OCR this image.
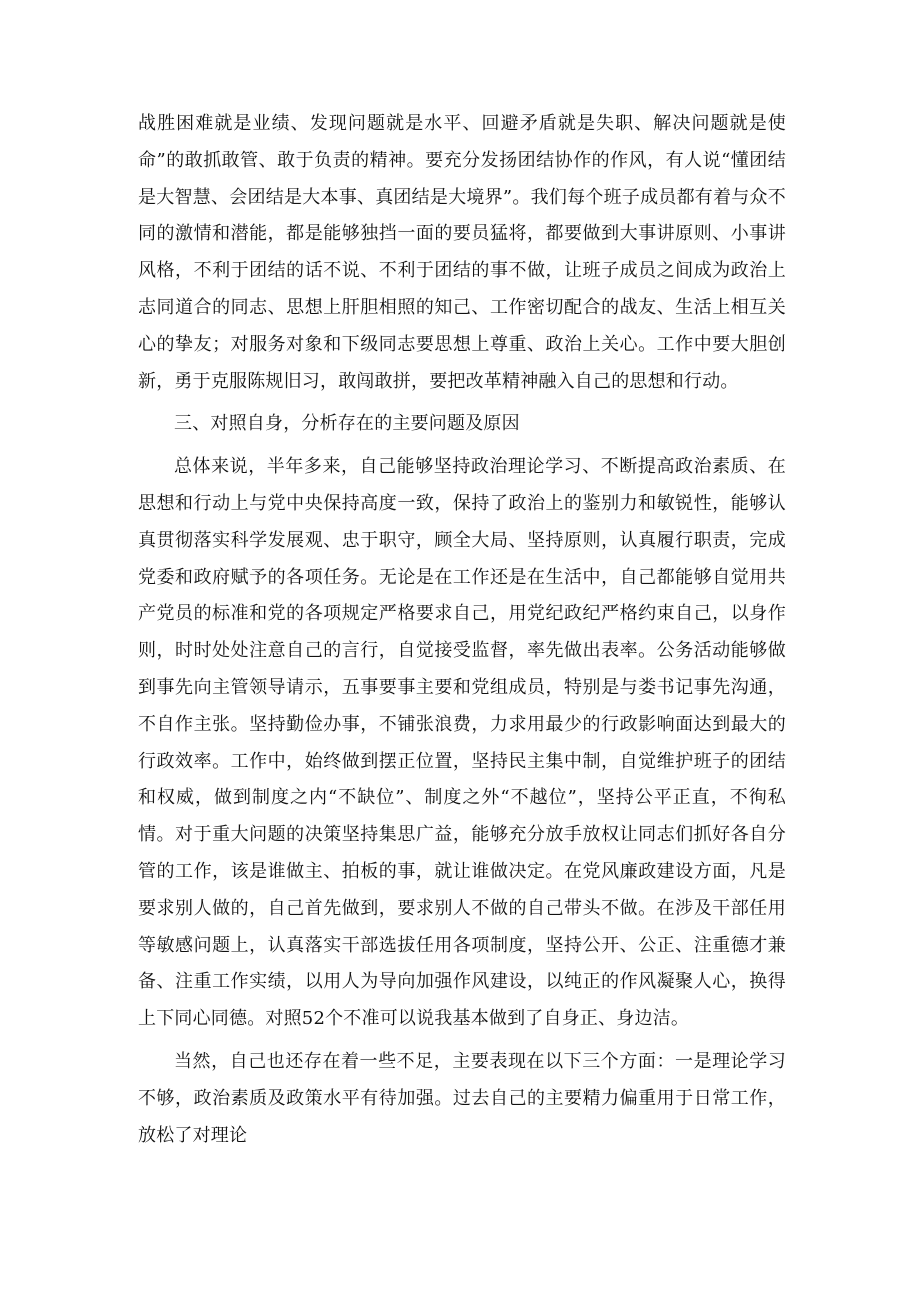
战胜困难就是业绩、发现问题就是水平、回避矛盾就是失职、解决问题就是使命”的敢抓敢管、敢于负责的精神。要充分发扬团结协作的作风，有人说“懂团结是大智慧、会团结是大本事、真团结是大境界”。我们每个班子成员都有着与众不同的激情和潜能，都是能够独挡一面的要员猛将，都要做到大事讲原则、小事讲风格，不利于团结的话不说、不利于团结的事不做，让班子成员之间成为政治上志同道合的同志、思想上肝胆相照的知己、工作密切配合的战友、生活上相互关心的挚友；对服务对象和下级同志要思想上尊重、政治上关心。工作中要大胆创新，勇于克服陈规旧习，敢闯敢拼，要把改革精神融入自己的思想和行动。

三、对照自身，分析存在的主要问题及原因

总体来说，半年多来，自己能够坚持政治理论学习、不断提高政治素质、在思想和行动上与党中央保持高度一致，保持了政治上的鉴别力和敏锐性，能够认真贯彻落实科学发展观、忠于职守，顾全大局、坚持原则，认真履行职责，完成党委和政府赋予的各项任务。无论是在工作还是在生活中，自己都能够自觉用共产党员的标准和党的各项规定严格要求自己，用党纪政纪严格约束自己，以身作则，时时处处注意自己的言行，自觉接受监督，率先做出表率。公务活动能够做到事先向主管领导请示，五事要事主要和党组成员，特别是与娄书记事先沟通，不自作主张。坚持勤俭办事，不铺张浪费，力求用最少的行政影响面达到最大的行政效率。工作中，始终做到摆正位置，坚持民主集中制，自觉维护班子的团结和权威，做到制度之内“不缺位”、制度之外“不越位”，坚持公平正直，不徇私情。对于重大问题的决策坚持集思广益，能够充分放手放权让同志们抓好各自分管的工作，该是谁做主、拍板的事，就让谁做决定。在党风廉政建设方面，凡是要求别人做的，自己首先做到，要求别人不做的自己带头不做。在涉及干部任用等敏感问题上，认真落实干部选拔任用各项制度，坚持公开、公正、注重德才兼备、注重工作实绩，以用人为导向加强作风建设，以纯正的作风凝聚人心，换得上下同心同德。对照52个不准可以说我基本做到了自身正、身边洁。

当然，自己也还存在着一些不足，主要表现在以下三个方面：一是理论学习不够，政治素质及政策水平有待加强。过去自己的主要精力偏重用于日常工作，放松了对理论
